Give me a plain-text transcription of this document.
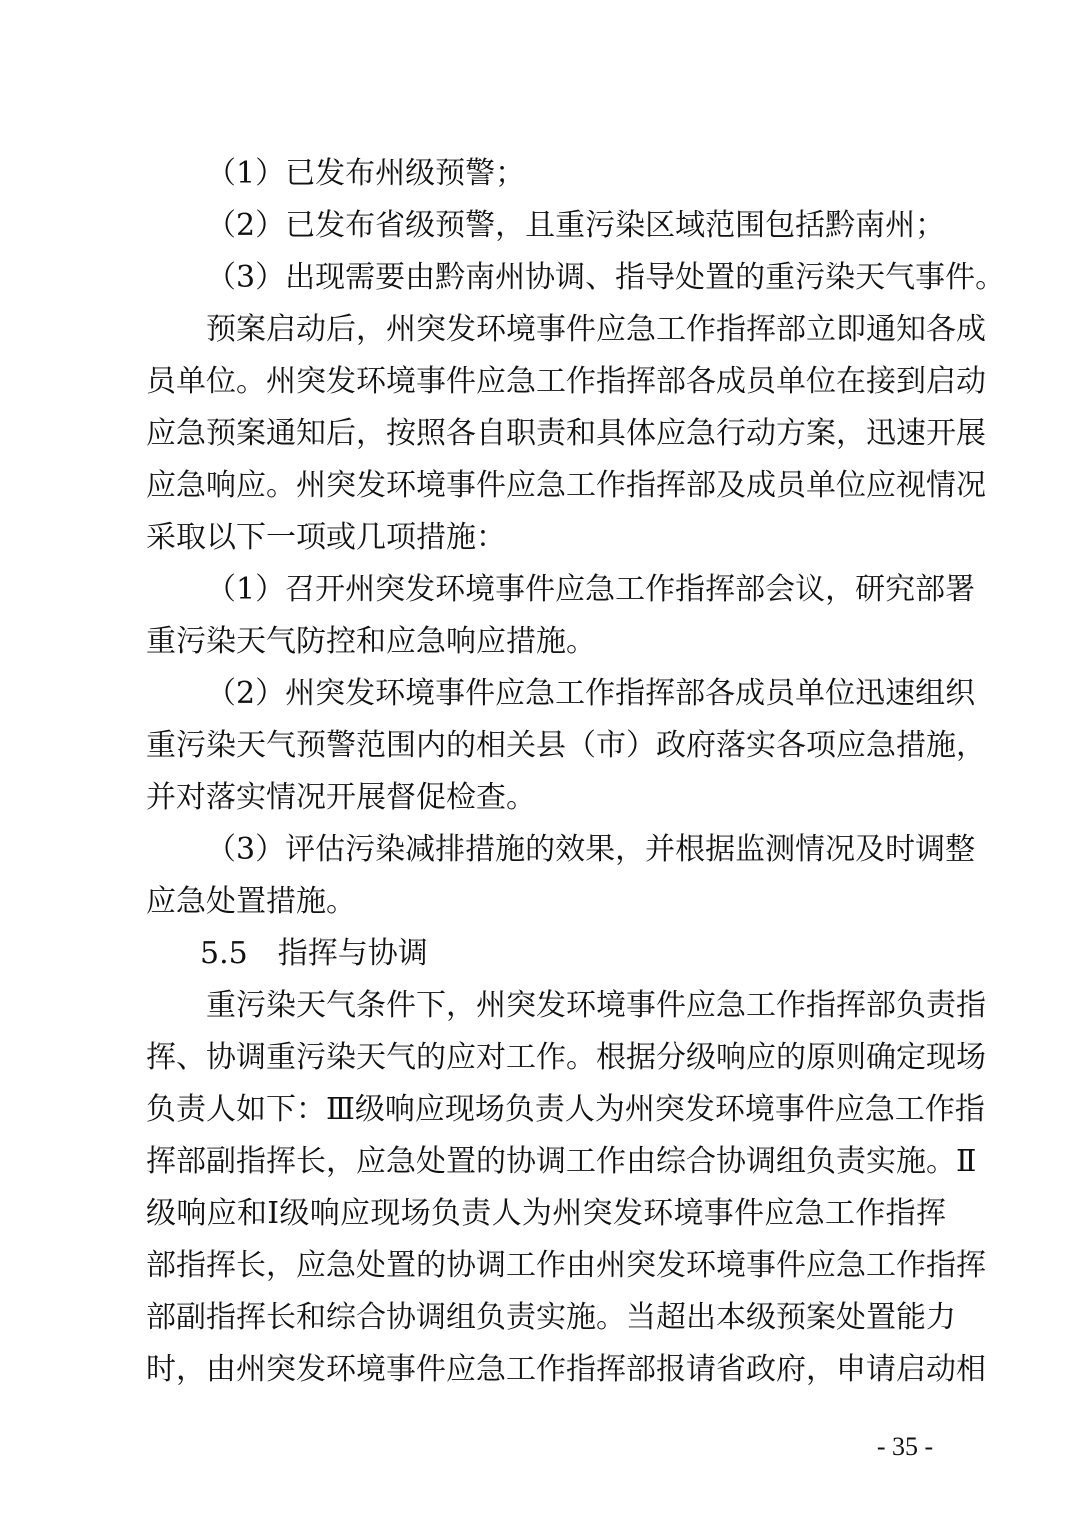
（1）已发布州级预警；
（2）已发布省级预警，且重污染区域范围包括黔南州；
（3）出现需要由黔南州协调、指导处置的重污染天气事件。
预案启动后，州突发环境事件应急工作指挥部立即通知各成
员单位。州突发环境事件应急工作指挥部各成员单位在接到启动
应急预案通知后，按照各自职责和具体应急行动方案，迅速开展
应急响应。州突发环境事件应急工作指挥部及成员单位应视情况
采取以下一项或几项措施：
（1）召开州突发环境事件应急工作指挥部会议，研究部署
重污染天气防控和应急响应措施。
（2）州突发环境事件应急工作指挥部各成员单位迅速组织
重污染天气预警范围内的相关县（市）政府落实各项应急措施，
并对落实情况开展督促检查。
（3）评估污染减排措施的效果，并根据监测情况及时调整
应急处置措施。
5.5　指挥与协调
重污染天气条件下，州突发环境事件应急工作指挥部负责指
挥、协调重污染天气的应对工作。根据分级响应的原则确定现场
负责人如下：Ⅲ级响应现场负责人为州突发环境事件应急工作指
挥部副指挥长，应急处置的协调工作由综合协调组负责实施。Ⅱ
级响应和Ⅰ级响应现场负责人为州突发环境事件应急工作指挥
部指挥长，应急处置的协调工作由州突发环境事件应急工作指挥
部副指挥长和综合协调组负责实施。当超出本级预案处置能力
时，由州突发环境事件应急工作指挥部报请省政府，申请启动相
- 35 -
